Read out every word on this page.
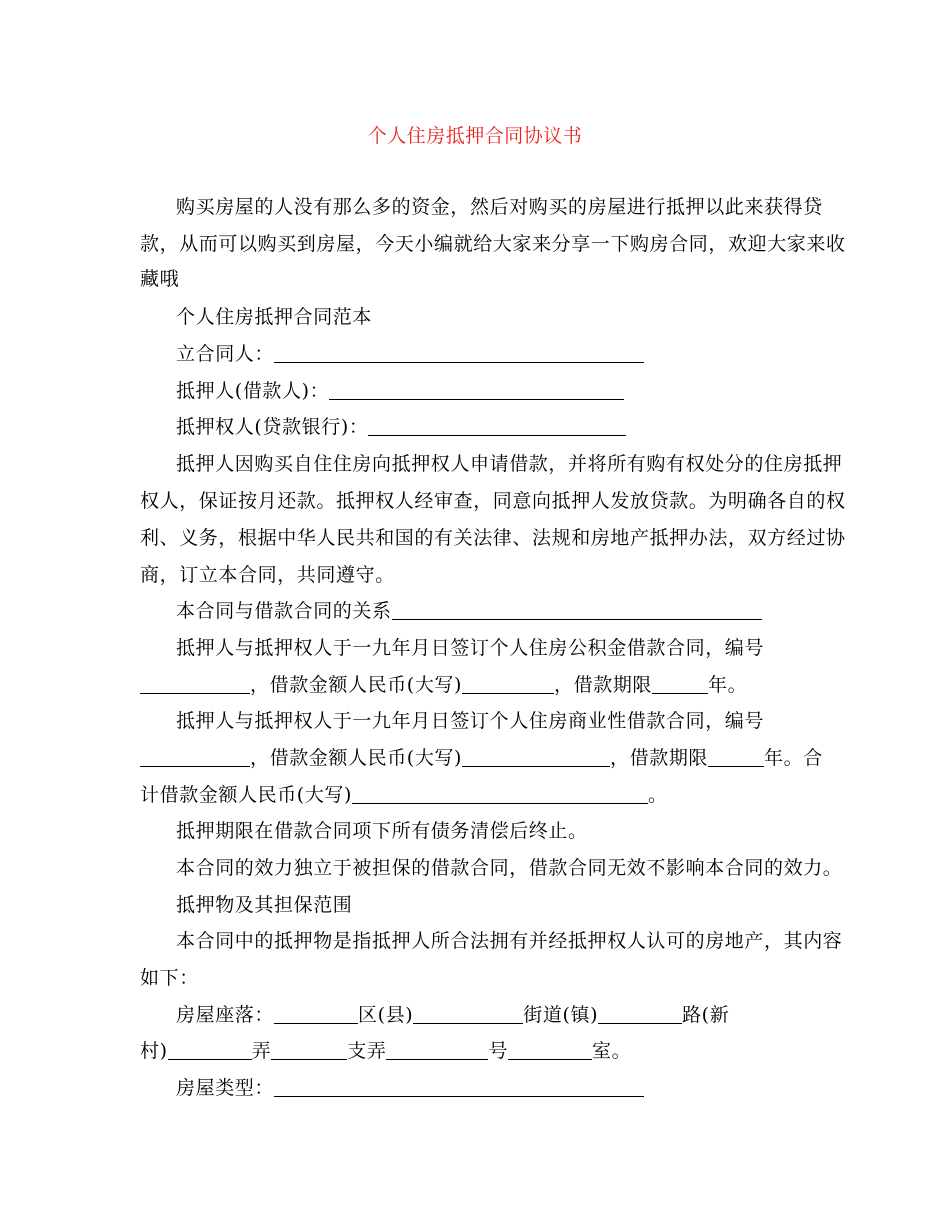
个人住房抵押合同协议书
购买房屋的人没有那么多的资金，然后对购买的房屋进行抵押以此来获得贷
款，从而可以购买到房屋，今天小编就给大家来分享一下购房合同，欢迎大家来收
藏哦
个人住房抵押合同范本
立合同人：
抵押人(借款人)：
抵押权人(贷款银行)：
抵押人因购买自住住房向抵押权人申请借款，并将所有购有权处分的住房抵押
权人，保证按月还款。抵押权人经审查，同意向抵押人发放贷款。为明确各自的权
利、义务，根据中华人民共和国的有关法律、法规和房地产抵押办法，双方经过协
商，订立本合同，共同遵守。
本合同与借款合同的关系
抵押人与抵押权人于一九年月日签订个人住房公积金借款合同，编号
，借款金额人民币(大写)	，借款期限	年。
抵押人与抵押权人于一九年月日签订个人住房商业性借款合同，编号
，借款金额人民币(大写)	，借款期限	年。合
计借款金额人民币(大写)	。
抵押期限在借款合同项下所有债务清偿后终止。
本合同的效力独立于被担保的借款合同，借款合同无效不影响本合同的效力。
抵押物及其担保范围
本合同中的抵押物是指抵押人所合法拥有并经抵押权人认可的房地产，其内容
如下：
房屋座落：	区(县)	街道(镇)	路(新
村)	弄	支弄	号	室。
房屋类型：
